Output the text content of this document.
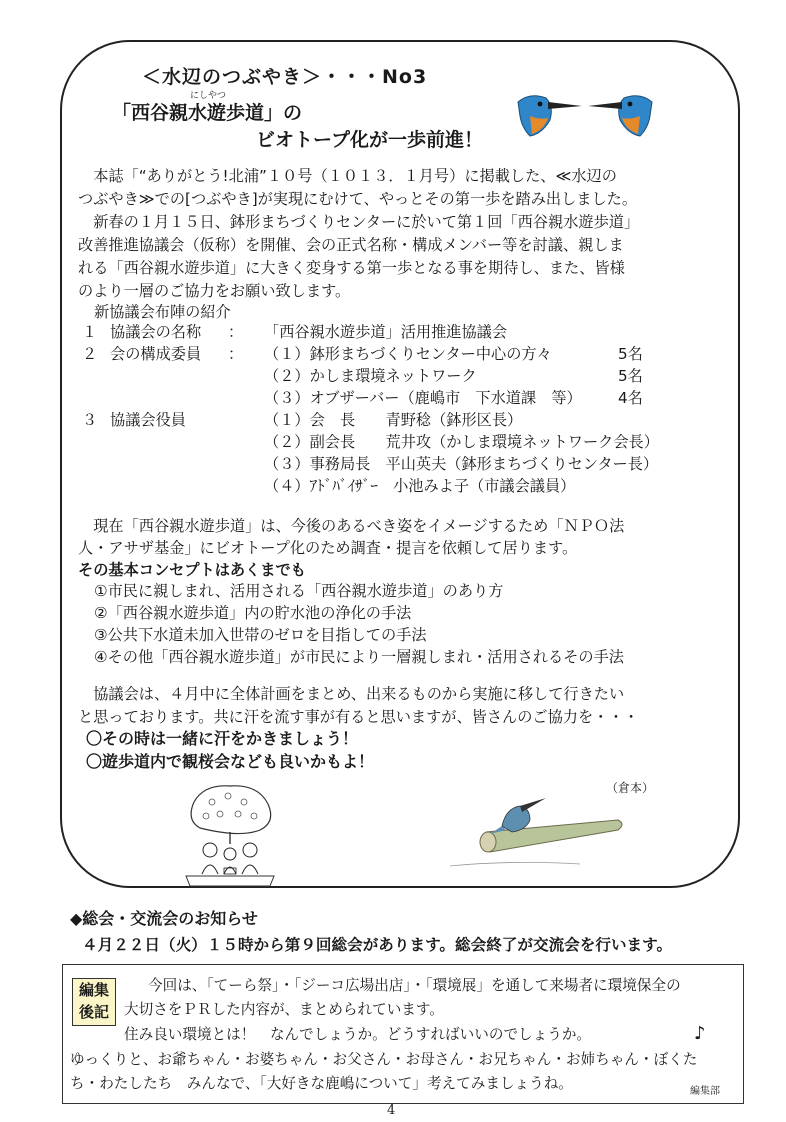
＜水辺のつぶやき＞・・・No3
にしやつ
「西谷親水遊歩道」の
ビオトープ化が一歩前進！
　本誌「“ありがとう!北浦”１０号（１０１３．１月号）に掲載した、≪水辺の
つぶやき≫での[つぶやき]が実現にむけて、やっとその第一歩を踏み出しました。
　新春の１月１５日、鉢形まちづくりセンターに於いて第１回「西谷親水遊歩道」
改善推進協議会（仮称）を開催、会の正式名称・構成メンバー等を討議、親しま
れる「西谷親水遊歩道」に大きく変身する第一歩となる事を期待し、また、皆様
のより一層のご協力をお願い致します。
新協議会布陣の紹介
１ 協議会の名称 ： 「西谷親水遊歩道」活用推進協議会
２ 会の構成委員 ： （１）鉢形まちづくりセンター中心の方々	5名
（２）かしま環境ネットワーク	5名
（３）オブザーバー（鹿嶋市　下水道課　等） 4名
３ 協議会役員	（１）会　長　　青野稔（鉢形区長）
（２）副会長　　荒井攻（かしま環境ネットワーク会長）
（３）事務局長　平山英夫（鉢形まちづくりセンター長）
（４）ｱﾄﾞﾊﾞｲｻﾞｰ　小池みよ子（市議会議員）
　現在「西谷親水遊歩道」は、今後のあるべき姿をイメージするため「ＮＰＯ法
人・アサザ基金」にビオトープ化のため調査・提言を依頼して居ります。
その基本コンセプトはあくまでも
①市民に親しまれ、活用される「西谷親水遊歩道」のあり方
②「西谷親水遊歩道」内の貯水池の浄化の手法
③公共下水道未加入世帯のゼロを目指しての手法
④その他「西谷親水遊歩道」が市民により一層親しまれ・活用されるその手法
　協議会は、４月中に全体計画をまとめ、出来るものから実施に移して行きたい
と思っております。共に汗を流す事が有ると思いますが、皆さんのご協力を・・・
〇その時は一緒に汗をかきましょう！
〇遊歩道内で観桜会なども良いかもよ！
（倉本）
◆総会・交流会のお知らせ
４月２２日（火）１５時から第９回総会があります。総会終了が交流会を行います。
編集
後記
今回は、「てーら祭」・「ジーコ広場出店」・「環境展」を通して来場者に環境保全の
大切さをＰＲした内容が、まとめられています。
住み良い環境とは！　なんでしょうか。どうすればいいのでしょうか。	♪
ゆっくりと、お爺ちゃん・お婆ちゃん・お父さん・お母さん・お兄ちゃん・お姉ちゃん・ぼくた
ち・わたしたち　みんなで、「大好きな鹿嶋について」考えてみましょうね。	編集部
4
